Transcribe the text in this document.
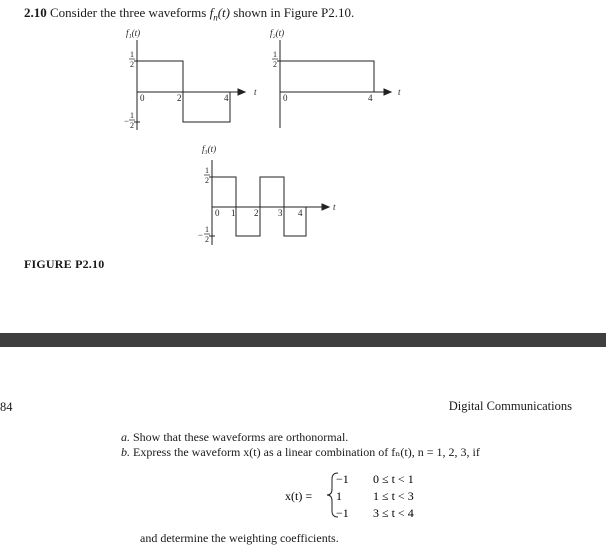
2.10 Consider the three waveforms $f_n(t)$ shown in Figure P2.10.
f₁(t)
1
2
−
1
2
0	2	4
t
f₂(t)
1
2
0	4
t
f₃(t)
1
2
−
1
2
0 1 2 3 4
t
FIGURE P2.10
84	Digital Communications
a. Show that these waveforms are orthonormal.
b. Express the waveform x(t) as a linear combination of fₙ(t), n = 1, 2, 3, if
x(t) =
−1 0 ≤ t < 1
1	1 ≤ t < 3
−1 3 ≤ t < 4
and determine the weighting coefficients.
